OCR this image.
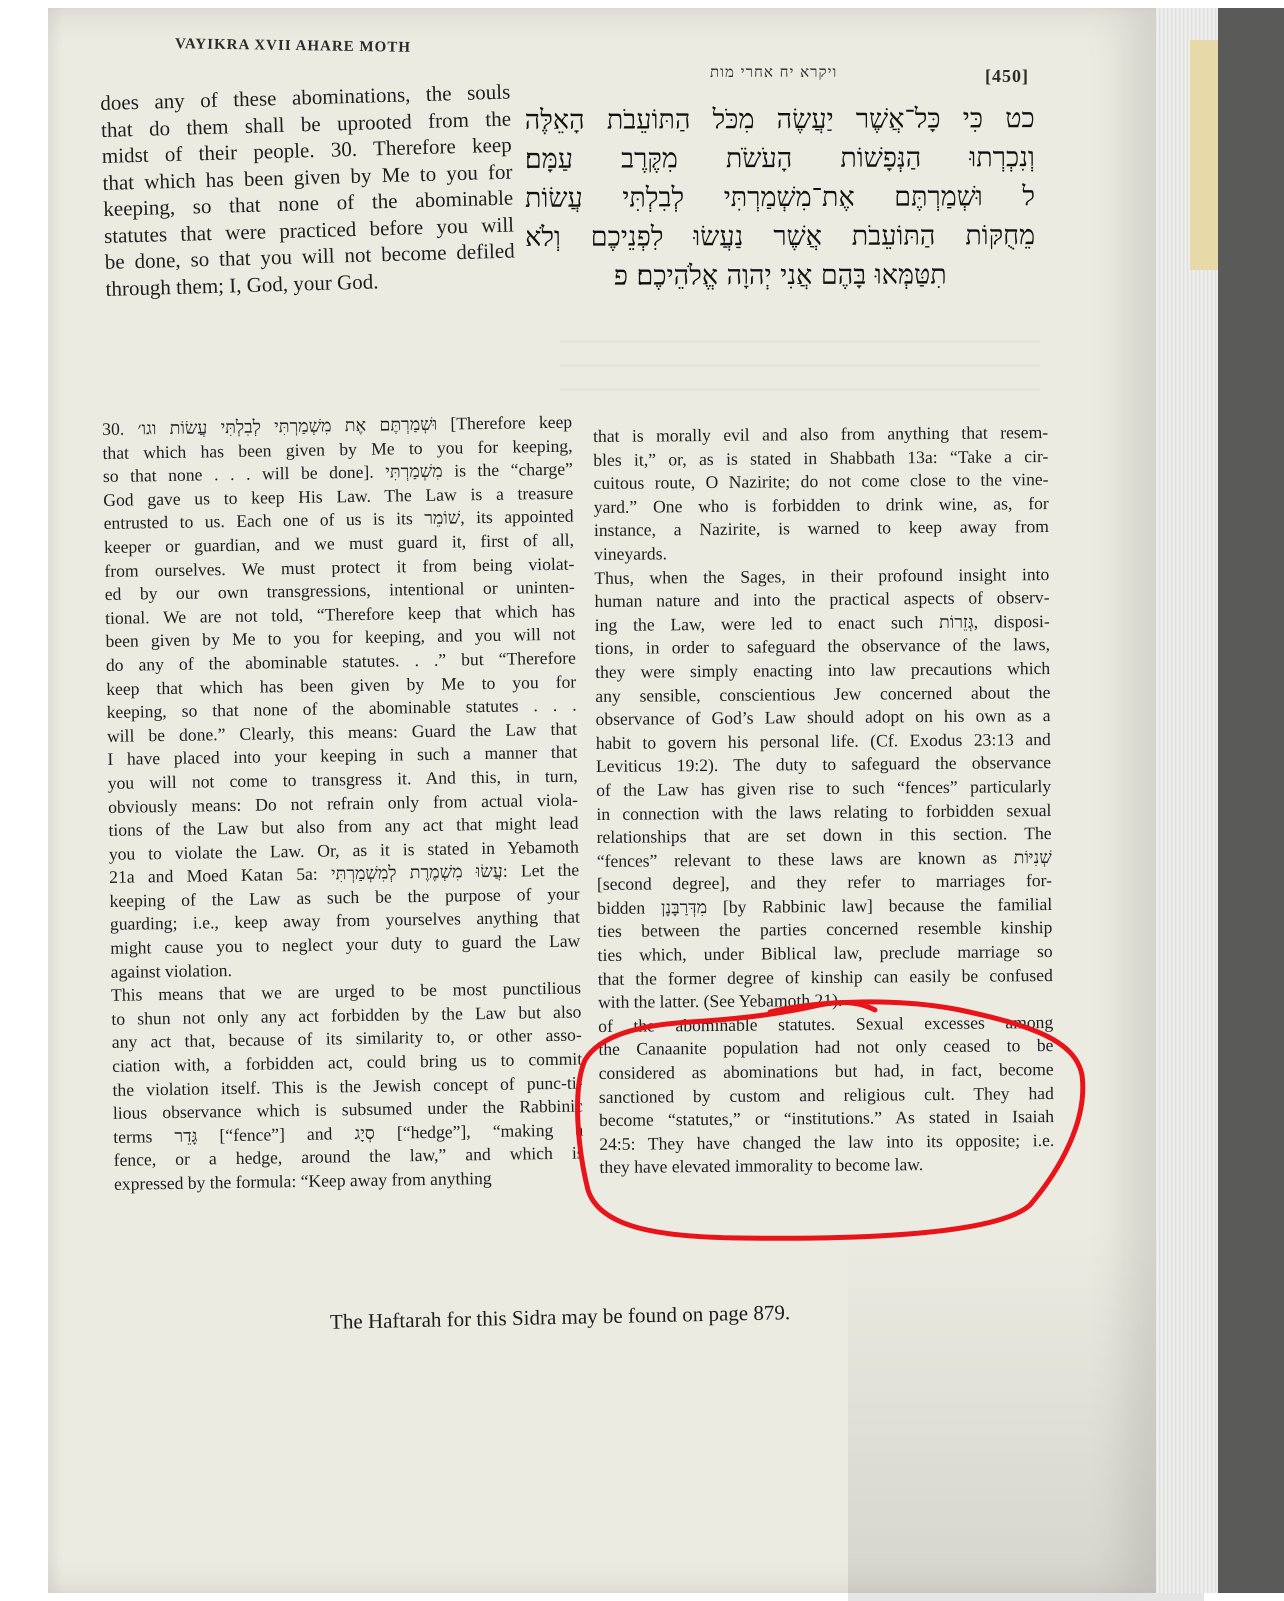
VAYIKRA XVII AHARE MOTH
ויקרא יח אחרי מות	[450]
does any of these abominations, the souls
that do them shall be uprooted from the
midst of their people. 30. Therefore keep
that which has been given by Me to you for
keeping, so that none of the abominable
statutes that were practiced before you will
be done, so that you will not become defiled
through them; I, God, your God.
כט כִּי כָּל־אֲשֶׁר יַעֲשֶׂה מִכֹּל הַתּוֹעֵבֹת הָאֵלֶּה
וְנִכְרְתוּ הַנְּפָשׁוֹת הָעֹשֹׂת מִקֶּרֶב עַמָּם׃
ל וּשְׁמַרְתֶּם אֶת־מִשְׁמַרְתִּי לְבִלְתִּי עֲשׂוֹת
מֵחֻקּוֹת הַתּוֹעֵבֹת אֲשֶׁר נַעֲשׂוּ לִפְנֵיכֶם וְלֹא
תִטַּמְּאוּ בָּהֶם אֲנִי יְהוָה אֱלֹהֵיכֶם׃ פ
30. וּשְׁמַרְתֶּם אֶת מִשְׁמַרְתִּי לְבִלְתִּי עֲשׂוֹת וגו׳ [Therefore keep
that which has been given by Me to you for keeping,
so that none . . . will be done]. מִשְׁמַרְתִּי is the “charge”
God gave us to keep His Law. The Law is a treasure
entrusted to us. Each one of us is its שׁוֹמֵר, its appointed
keeper or guardian, and we must guard it, first of all,
from ourselves. We must protect it from being violat-
ed by our own transgressions, intentional or uninten-
tional. We are not told, “Therefore keep that which has
been given by Me to you for keeping, and you will not
do any of the abominable statutes. . .” but “Therefore
keep that which has been given by Me to you for
keeping, so that none of the abominable statutes . . .
will be done.” Clearly, this means: Guard the Law that
I have placed into your keeping in such a manner that
you will not come to transgress it. And this, in turn,
obviously means: Do not refrain only from actual viola-
tions of the Law but also from any act that might lead
you to violate the Law. Or, as it is stated in Yebamoth
21a and Moed Katan 5a: עֲשׂוּ מִשְׁמֶרֶת לְמִשְׁמַרְתִּי: Let the
keeping of the Law as such be the purpose of your
guarding; i.e., keep away from yourselves anything that
might cause you to neglect your duty to guard the Law
against violation.
This means that we are urged to be most punctilious
to shun not only any act forbidden by the Law but also
any act that, because of its similarity to, or other asso-
ciation with, a forbidden act, could bring us to commit
the violation itself. This is the Jewish concept of punc-ti-
lious observance which is subsumed under the Rabbinic
terms גָּדֵר [“fence”] and סְיָג [“hedge”], “making a
fence, or a hedge, around the law,” and which is
expressed by the formula: “Keep away from anything
that is morally evil and also from anything that resem-
bles it,” or, as is stated in Shabbath 13a: “Take a cir-
cuitous route, O Nazirite; do not come close to the vine-
yard.” One who is forbidden to drink wine, as, for
instance, a Nazirite, is warned to keep away from
vineyards.
Thus, when the Sages, in their profound insight into
human nature and into the practical aspects of observ-
ing the Law, were led to enact such גְּזֵרוֹת, disposi-
tions, in order to safeguard the observance of the laws,
they were simply enacting into law precautions which
any sensible, conscientious Jew concerned about the
observance of God’s Law should adopt on his own as a
habit to govern his personal life. (Cf. Exodus 23:13 and
Leviticus 19:2). The duty to safeguard the observance
of the Law has given rise to such “fences” particularly
in connection with the laws relating to forbidden sexual
relationships that are set down in this section. The
“fences” relevant to these laws are known as שְׁנִיּוֹת
[second degree], and they refer to marriages for-
bidden מִדְּרַבָּנָן [by Rabbinic law] because the familial
ties between the parties concerned resemble kinship
ties which, under Biblical law, preclude marriage so
that the former degree of kinship can easily be confused
with the latter. (See Yebamoth 21).
of the abominable statutes. Sexual excesses among
the Canaanite population had not only ceased to be
considered as abominations but had, in fact, become
sanctioned by custom and religious cult. They had
become “statutes,” or “institutions.” As stated in Isaiah
24:5: They have changed the law into its opposite; i.e.
they have elevated immorality to become law.
The Haftarah for this Sidra may be found on page 879.
